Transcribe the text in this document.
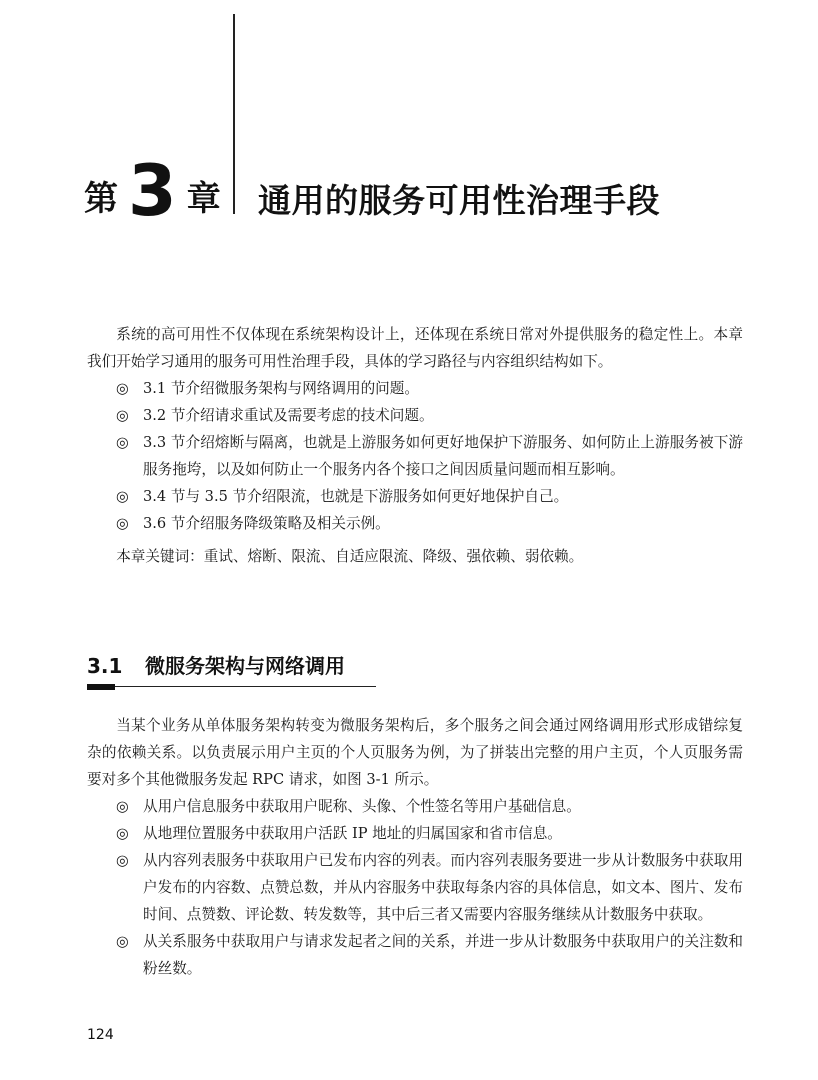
第 3 章 通用的服务可用性治理手段

系统的高可用性不仅体现在系统架构设计上，还体现在系统日常对外提供服务的稳定性上。本章我们开始学习通用的服务可用性治理手段，具体的学习路径与内容组织结构如下。

◎ 3.1 节介绍微服务架构与网络调用的问题。
◎ 3.2 节介绍请求重试及需要考虑的技术问题。
◎ 3.3 节介绍熔断与隔离，也就是上游服务如何更好地保护下游服务、如何防止上游服务被下游服务拖垮，以及如何防止一个服务内各个接口之间因质量问题而相互影响。
◎ 3.4 节与 3.5 节介绍限流，也就是下游服务如何更好地保护自己。
◎ 3.6 节介绍服务降级策略及相关示例。

本章关键词：重试、熔断、限流、自适应限流、降级、强依赖、弱依赖。

3.1 微服务架构与网络调用

当某个业务从单体服务架构转变为微服务架构后，多个服务之间会通过网络调用形式形成错综复杂的依赖关系。以负责展示用户主页的个人页服务为例，为了拼装出完整的用户主页，个人页服务需要对多个其他微服务发起 RPC 请求，如图 3-1 所示。

◎ 从用户信息服务中获取用户昵称、头像、个性签名等用户基础信息。
◎ 从地理位置服务中获取用户活跃 IP 地址的归属国家和省市信息。
◎ 从内容列表服务中获取用户已发布内容的列表。而内容列表服务要进一步从计数服务中获取用户发布的内容数、点赞总数，并从内容服务中获取每条内容的具体信息，如文本、图片、发布时间、点赞数、评论数、转发数等，其中后三者又需要内容服务继续从计数服务中获取。
◎ 从关系服务中获取用户与请求发起者之间的关系，并进一步从计数服务中获取用户的关注数和粉丝数。
124
